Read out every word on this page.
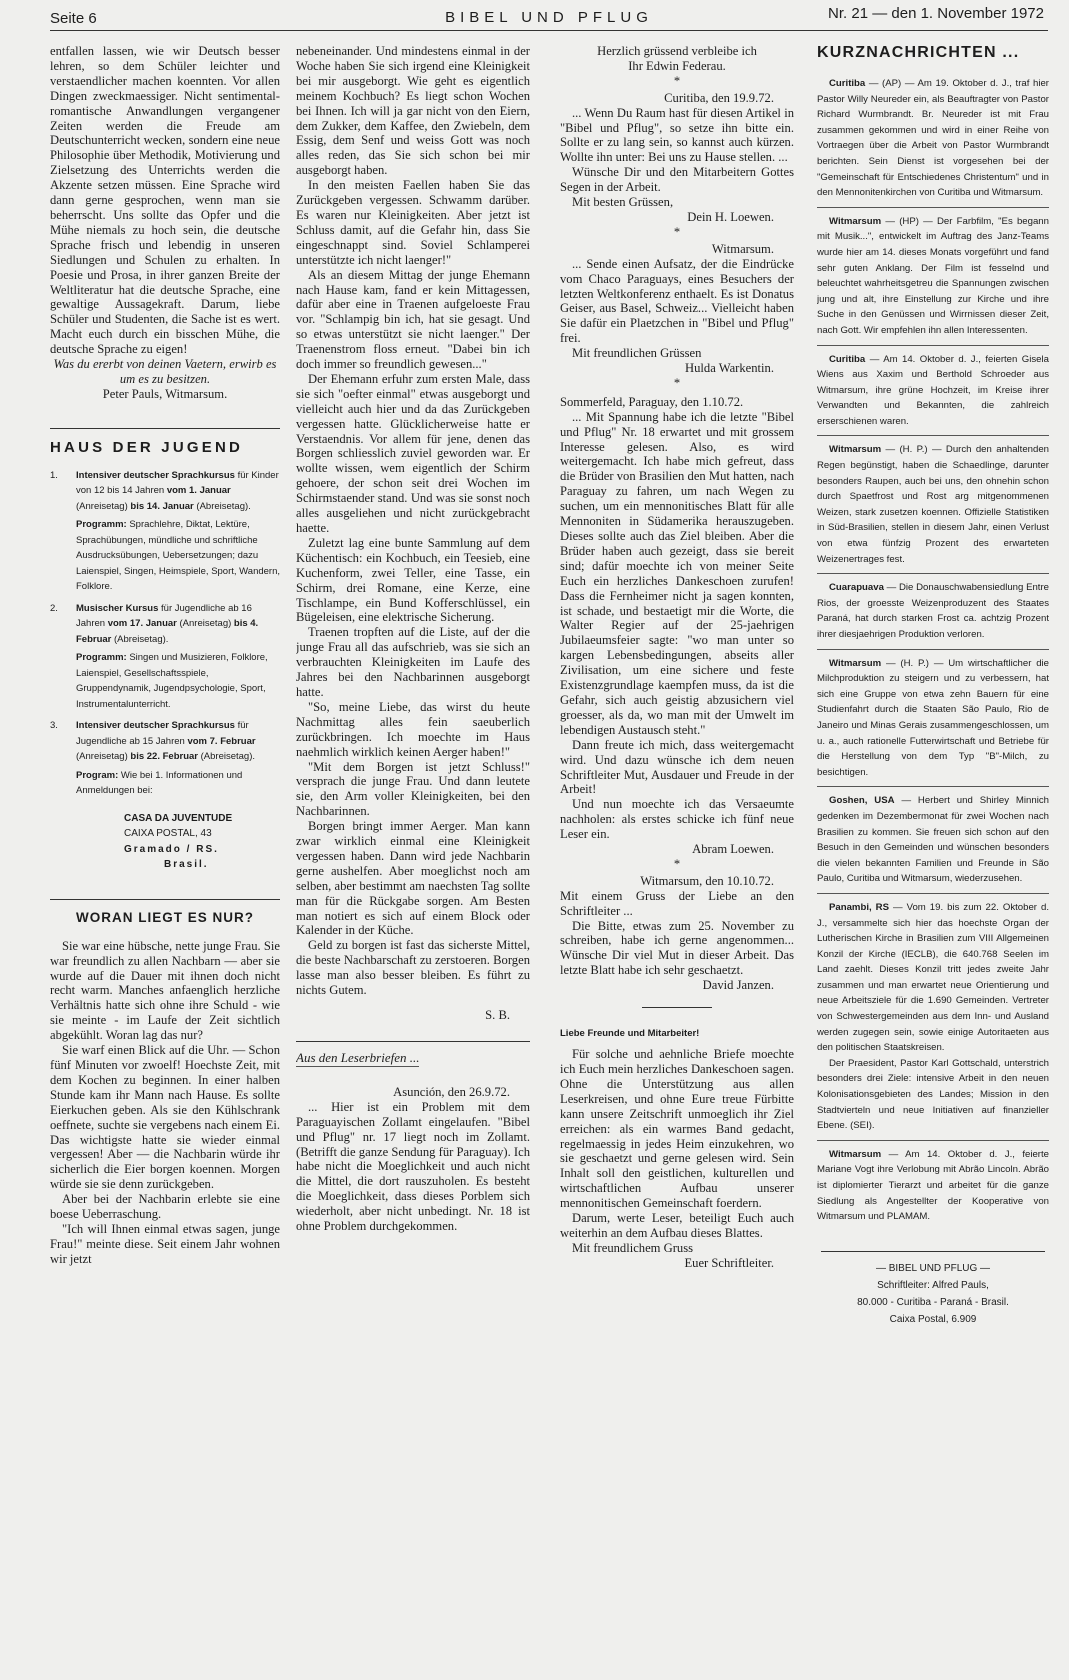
Seite 6	BIBEL UND PFLUG	Nr. 21 — den 1. November 1972

entfallen lassen, wie wir Deutsch besser lehren, so dem Schüler leichter und verstaendlicher machen koennten. Vor allen Dingen zweckmaessiger. Nicht sentimental-romantische Anwandlungen vergangener Zeiten werden die Freude am Deutschunterricht wecken, sondern eine neue Philosophie über Methodik, Motivierung und Zielsetzung des Unterrichts werden die Akzente setzen müssen. Eine Sprache wird dann gerne gesprochen, wenn man sie beherrscht. Uns sollte das Opfer und die Mühe niemals zu hoch sein, die deutsche Sprache frisch und lebendig in unseren Siedlungen und Schulen zu erhalten. In Poesie und Prosa, in ihrer ganzen Breite der Weltliteratur hat die deutsche Sprache, eine gewaltige Aussagekraft. Darum, liebe Schüler und Studenten, die Sache ist es wert. Macht euch durch ein bisschen Mühe, die deutsche Sprache zu eigen!

Was du ererbt von deinen Vaetern, erwirb es um es zu besitzen.

Peter Pauls, Witmarsum.

HAUS DER JUGEND
1. Intensiver deutscher Sprachkursus für Kinder von 12 bis 14 Jahren vom 1. Januar (Anreisetag) bis 14. Januar (Abreisetag).
Programm: Sprachlehre, Diktat, Lektüre, Sprachübungen, mündliche und schriftliche Ausdrucksübungen, Uebersetzungen; dazu Laienspiel, Singen, Heimspiele, Sport, Wandern, Folklore.
2. Musischer Kursus für Jugendliche ab 16 Jahren vom 17. Januar (Anreisetag) bis 4. Februar (Abreisetag).
Programm: Singen und Musizieren, Folklore, Laienspiel, Gesellschaftsspiele, Gruppendynamik, Jugendpsychologie, Sport, Instrumentalunterricht.
3. Intensiver deutscher Sprachkursus für Jugendliche ab 15 Jahren vom 7. Februar (Anreisetag) bis 22. Februar (Abreisetag).
Program: Wie bei 1. Informationen und Anmeldungen bei:
CASA DA JUVENTUDE
CAIXA POSTAL, 43
Gramado / RS.
Brasil.
WORAN LIEGT ES NUR?

Sie war eine hübsche, nette junge Frau. Sie war freundlich zu allen Nachbarn — aber sie wurde auf die Dauer mit ihnen doch nicht recht warm. Manches anfaenglich herzliche Verhältnis hatte sich ohne ihre Schuld - wie sie meinte - im Laufe der Zeit sichtlich abgekühlt. Woran lag das nur?

Sie warf einen Blick auf die Uhr. — Schon fünf Minuten vor zwoelf! Hoechste Zeit, mit dem Kochen zu beginnen. In einer halben Stunde kam ihr Mann nach Hause. Es sollte Eierkuchen geben. Als sie den Kühlschrank oeffnete, suchte sie vergebens nach einem Ei. Das wichtigste hatte sie wieder einmal vergessen! Aber — die Nachbarin würde ihr sicherlich die Eier borgen koennen. Morgen würde sie sie denn zurückgeben.

Aber bei der Nachbarin erlebte sie eine boese Ueberraschung.

"Ich will Ihnen einmal etwas sagen, junge Frau!" meinte diese. Seit einem Jahr wohnen wir jetzt

nebeneinander. Und mindestens einmal in der Woche haben Sie sich irgend eine Kleinigkeit bei mir ausgeborgt. Wie geht es eigentlich meinem Kochbuch? Es liegt schon Wochen bei Ihnen. Ich will ja gar nicht von den Eiern, dem Zukker, dem Kaffee, den Zwiebeln, dem Essig, dem Senf und weiss Gott was noch alles reden, das Sie sich schon bei mir ausgeborgt haben.

In den meisten Faellen haben Sie das Zurückgeben vergessen. Schwamm darüber. Es waren nur Kleinigkeiten. Aber jetzt ist Schluss damit, auf die Gefahr hin, dass Sie eingeschnappt sind. Soviel Schlamperei unterstützte ich nicht laenger!"

Als an diesem Mittag der junge Ehemann nach Hause kam, fand er kein Mittagessen, dafür aber eine in Traenen aufgeloeste Frau vor. "Schlampig bin ich, hat sie gesagt. Und so etwas unterstützt sie nicht laenger." Der Traenenstrom floss erneut. "Dabei bin ich doch immer so freundlich gewesen..."

Der Ehemann erfuhr zum ersten Male, dass sie sich "oefter einmal" etwas ausgeborgt und vielleicht auch hier und da das Zurückgeben vergessen hatte. Glücklicherweise hatte er Verstaendnis. Vor allem für jene, denen das Borgen schliesslich zuviel geworden war. Er wollte wissen, wem eigentlich der Schirm gehoere, der schon seit drei Wochen im Schirmstaender stand. Und was sie sonst noch alles ausgeliehen und nicht zurückgebracht haette.

Zuletzt lag eine bunte Sammlung auf dem Küchentisch: ein Kochbuch, ein Teesieb, eine Kuchenform, zwei Teller, eine Tasse, ein Schirm, drei Romane, eine Kerze, eine Tischlampe, ein Bund Kofferschlüssel, ein Bügeleisen, eine elektrische Sicherung.

Traenen tropften auf die Liste, auf der die junge Frau all das aufschrieb, was sie sich an verbrauchten Kleinigkeiten im Laufe des Jahres bei den Nachbarinnen ausgeborgt hatte.

"So, meine Liebe, das wirst du heute Nachmittag alles fein saeuberlich zurückbringen. Ich moechte im Haus naehmlich wirklich keinen Aerger haben!"

"Mit dem Borgen ist jetzt Schluss!" versprach die junge Frau. Und dann leutete sie, den Arm voller Kleinigkeiten, bei den Nachbarinnen.

Borgen bringt immer Aerger. Man kann zwar wirklich einmal eine Kleinigkeit vergessen haben. Dann wird jede Nachbarin gerne aushelfen. Aber moeglichst noch am selben, aber bestimmt am naechsten Tag sollte man für die Rückgabe sorgen. Am Besten man notiert es sich auf einem Block oder Kalender in der Küche.

Geld zu borgen ist fast das sicherste Mittel, die beste Nachbarschaft zu zerstoeren. Borgen lasse man also besser bleiben. Es führt zu nichts Gutem.

S. B.

Aus den Leserbriefen ...

Asunción, den 26.9.72.

... Hier ist ein Problem mit dem Paraguayischen Zollamt eingelaufen. "Bibel und Pflug" nr. 17 liegt noch im Zollamt. (Betrifft die ganze Sendung für Paraguay). Ich habe nicht die Moeglichkeit und auch nicht die Mittel, die dort rauszuholen. Es besteht die Moeglichkeit, dass dieses Porblem sich wiederholt, aber nicht unbedingt. Nr. 18 ist ohne Problem durchgekommen.

Herzlich grüssend verbleibe ich

Ihr Edwin Federau.

*

Curitiba, den 19.9.72.

... Wenn Du Raum hast für diesen Artikel in "Bibel und Pflug", so setze ihn bitte ein. Sollte er zu lang sein, so kannst auch kürzen. Wollte ihn unter: Bei uns zu Hause stellen. ...

Wünsche Dir und den Mitarbeitern Gottes Segen in der Arbeit.

Mit besten Grüssen,

Dein H. Loewen.

*

Witmarsum.

... Sende einen Aufsatz, der die Eindrücke vom Chaco Paraguays, eines Besuchers der letzten Weltkonferenz enthaelt. Es ist Donatus Geiser, aus Basel, Schweiz... Vielleicht haben Sie dafür ein Plaetzchen in "Bibel und Pflug" frei.

Mit freundlichen Grüssen

Hulda Warkentin.

*

Sommerfeld, Paraguay, den 1.10.72.

... Mit Spannung habe ich die letzte "Bibel und Pflug" Nr. 18 erwartet und mit grossem Interesse gelesen. Also, es wird weitergemacht. Ich habe mich gefreut, dass die Brüder von Brasilien den Mut hatten, nach Paraguay zu fahren, um nach Wegen zu suchen, um ein mennonitisches Blatt für alle Mennoniten in Südamerika herauszugeben. Dieses sollte auch das Ziel bleiben. Aber die Brüder haben auch gezeigt, dass sie bereit sind; dafür moechte ich von meiner Seite Euch ein herzliches Dankeschoen zurufen! Dass die Fernheimer nicht ja sagen konnten, ist schade, und bestaetigt mir die Worte, die Walter Regier auf der 25-jaehrigen Jubilaeumsfeier sagte: "wo man unter so kargen Lebensbedingungen, abseits aller Zivilisation, um eine sichere und feste Existenzgrundlage kaempfen muss, da ist die Gefahr, sich auch geistig abzusichern viel groesser, als da, wo man mit der Umwelt im lebendigen Austausch steht."

Dann freute ich mich, dass weitergemacht wird. Und dazu wünsche ich dem neuen Schriftleiter Mut, Ausdauer und Freude in der Arbeit!

Und nun moechte ich das Versaeumte nachholen: als erstes schicke ich fünf neue Leser ein.

Abram Loewen.

*

Witmarsum, den 10.10.72.

Mit einem Gruss der Liebe an den Schriftleiter ...

Die Bitte, etwas zum 25. November zu schreiben, habe ich gerne angenommen... Wünsche Dir viel Mut in dieser Arbeit. Das letzte Blatt habe ich sehr geschaetzt.

David Janzen.

Liebe Freunde und Mitarbeiter!

Für solche und aehnliche Briefe moechte ich Euch mein herzliches Dankeschoen sagen. Ohne die Unterstützung aus allen Leserkreisen, und ohne Eure treue Fürbitte kann unsere Zeitschrift unmoeglich ihr Ziel erreichen: als ein warmes Band gedacht, regelmaessig in jedes Heim einzukehren, wo sie geschaetzt und gerne gelesen wird. Sein Inhalt soll den geistlichen, kulturellen und wirtschaftlichen Aufbau unserer mennonitischen Gemeinschaft foerdern.

Darum, werte Leser, beteiligt Euch auch weiterhin an dem Aufbau dieses Blattes.

Mit freundlichem Gruss

Euer Schriftleiter.

KURZNACHRICHTEN ...

Curitiba — (AP) — Am 19. Oktober d. J., traf hier Pastor Willy Neureder ein, als Beauftragter von Pastor Richard Wurmbrandt. Br. Neureder ist mit Frau zusammen gekommen und wird in einer Reihe von Vortraegen über die Arbeit von Pastor Wurmbrandt berichten. Sein Dienst ist vorgesehen bei der "Gemeinschaft für Entschiedenes Christentum" und in den Mennonitenkirchen von Curitiba und Witmarsum.

Witmarsum — (HP) — Der Farbfilm, "Es begann mit Musik...", entwickelt im Auftrag des Janz-Teams wurde hier am 14. dieses Monats vorgeführt und fand sehr guten Anklang. Der Film ist fesselnd und beleuchtet wahrheitsgetreu die Spannungen zwischen jung und alt, ihre Einstellung zur Kirche und ihre Suche in den Genüssen und Wirrnissen dieser Zeit, nach Gott. Wir empfehlen ihn allen Interessenten.

Curitiba — Am 14. Oktober d. J., feierten Gisela Wiens aus Xaxim und Berthold Schroeder aus Witmarsum, ihre grüne Hochzeit, im Kreise ihrer Verwandten und Bekannten, die zahlreich erserschienen waren.

Witmarsum — (H. P.) — Durch den anhaltenden Regen begünstigt, haben die Schaedlinge, darunter besonders Raupen, auch bei uns, den ohnehin schon durch Spaetfrost und Rost arg mitgenommenen Weizen, stark zusetzen koennen. Offizielle Statistiken in Süd-Brasilien, stellen in diesem Jahr, einen Verlust von etwa fünfzig Prozent des erwarteten Weizenertrages fest.

Cuarapuava — Die Donauschwabensiedlung Entre Rios, der groesste Weizenproduzent des Staates Paraná, hat durch starken Frost ca. achtzig Prozent ihrer diesjaehrigen Produktion verloren.

Witmarsum — (H. P.) — Um wirtschaftlicher die Milchproduktion zu steigern und zu verbessern, hat sich eine Gruppe von etwa zehn Bauern für eine Studienfahrt durch die Staaten São Paulo, Rio de Janeiro und Minas Gerais zusammengeschlossen, um u. a., auch rationelle Futterwirtschaft und Betriebe für die Herstellung von dem Typ "B"-Milch, zu besichtigen.

Goshen, USA — Herbert und Shirley Minnich gedenken im Dezembermonat für zwei Wochen nach Brasilien zu kommen. Sie freuen sich schon auf den Besuch in den Gemeinden und wünschen besonders die vielen bekannten Familien und Freunde in São Paulo, Curitiba und Witmarsum, wiederzusehen.

Panambi, RS — Vom 19. bis zum 22. Oktober d. J., versammelte sich hier das hoechste Organ der Lutherischen Kirche in Brasilien zum VIII Allgemeinen Konzil der Kirche (IECLB), die 640.768 Seelen im Land zaehlt. Dieses Konzil tritt jedes zweite Jahr zusammen und man erwartet neue Orientierung und neue Arbeitsziele für die 1.690 Gemeinden. Vertreter von Schwestergemeinden aus dem Inn- und Ausland werden zugegen sein, sowie einige Autoritaeten aus den politischen Staatskreisen.

Der Praesident, Pastor Karl Gottschald, unterstrich besonders drei Ziele: intensive Arbeit in den neuen Kolonisationsgebieten des Landes; Mission in den Stadtvierteln und neue Initiativen auf finanzieller Ebene. (SEI).

Witmarsum — Am 14. Oktober d. J., feierte Mariane Vogt ihre Verlobung mit Abrão Lincoln. Abrão ist diplomierter Tierarzt und arbeitet für die ganze Siedlung als Angestellter der Kooperative von Witmarsum und PLAMAM.

— BIBEL UND PFLUG —
Schriftleiter: Alfred Pauls,
80.000 - Curitiba - Paraná - Brasil.
Caixa Postal, 6.909
